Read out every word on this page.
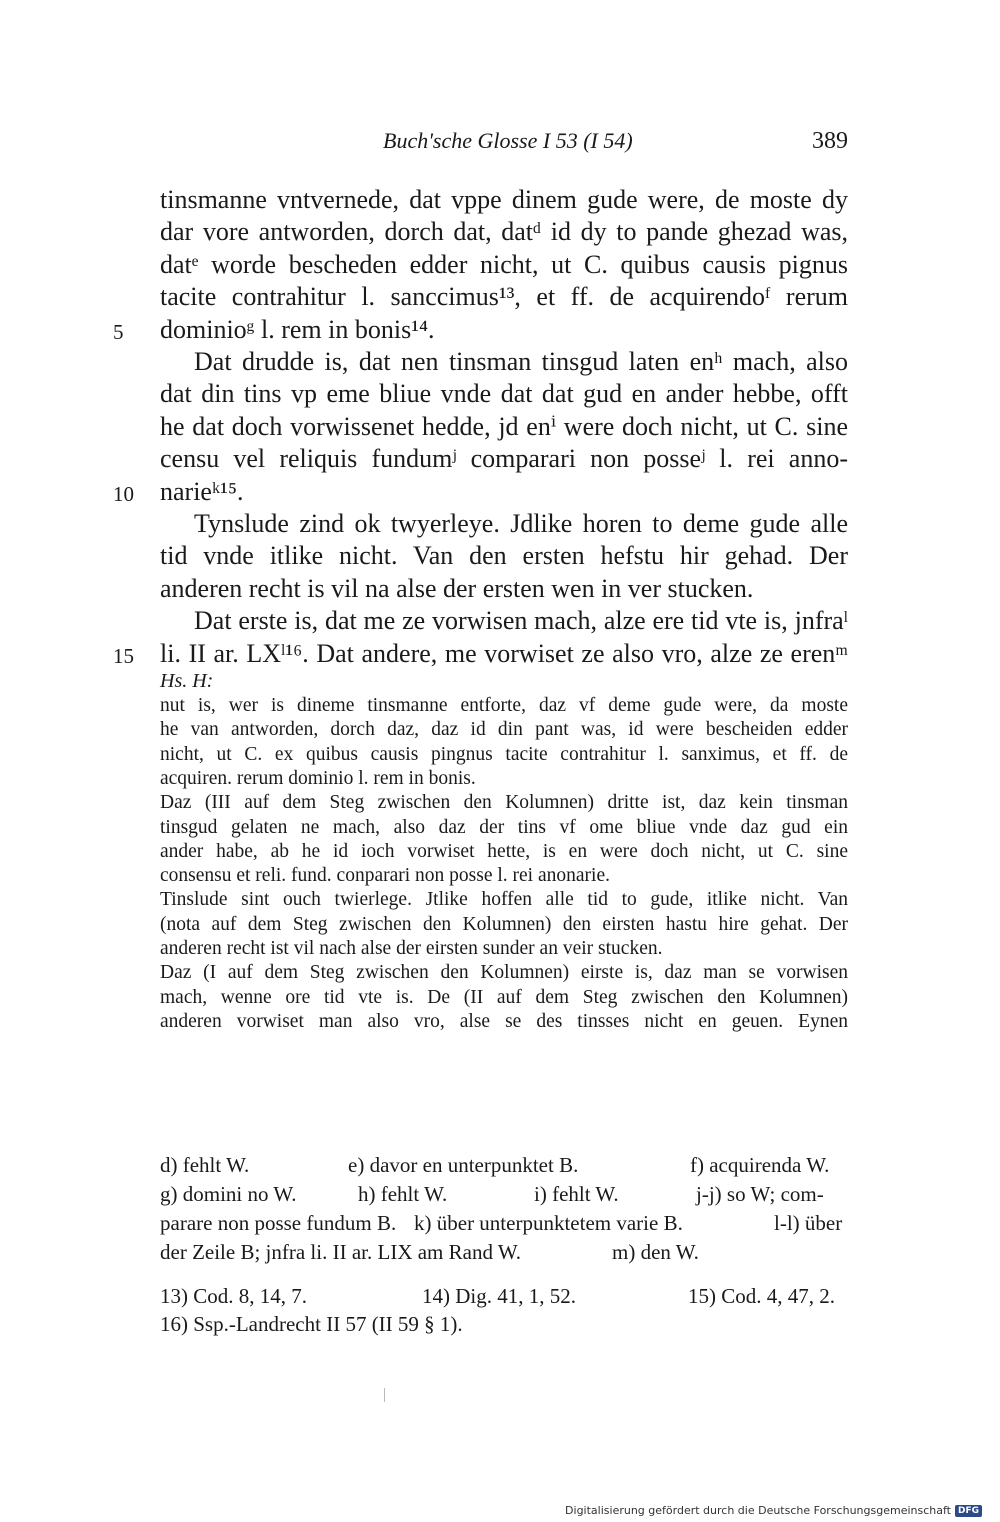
Buch'sche Glosse I 53 (I 54)	389
tinsmanne vntvernede, dat vppe dinem gude were, de moste dy
dar vore antworden, dorch dat, datᵈ id dy to pande ghezad was,
datᵉ worde bescheden edder nicht, ut C. quibus causis pignus
tacite contrahitur l. sanccimus¹³, et ff. de acquirendoᶠ rerum
dominioᵍ l. rem in bonis¹⁴.
5
Dat drudde is, dat nen tinsman tinsgud laten enʰ mach, also
dat din tins vp eme bliue vnde dat dat gud en ander hebbe, offt
he dat doch vorwissenet hedde, jd enⁱ were doch nicht, ut C. sine
censu vel reliquis fundumʲ comparari non posseʲ l. rei anno-
narieᵏ¹⁵.
10
Tynslude zind ok twyerleye. Jdlike horen to deme gude alle
tid vnde itlike nicht. Van den ersten hefstu hir gehad. Der
anderen recht is vil na alse der ersten wen in ver stucken.
Dat erste is, dat me ze vorwisen mach, alze ere tid vte is, jnfraˡ
li. II ar. LXˡ¹⁶. Dat andere, me vorwiset ze also vro, alze ze erenᵐ
15
Hs. H:
nut is, wer is dineme tinsmanne entforte, daz vf deme gude were, da moste
he van antworden, dorch daz, daz id din pant was, id were bescheiden edder
nicht, ut C. ex quibus causis pingnus tacite contrahitur l. sanximus, et ff. de
acquiren. rerum dominio l. rem in bonis.
Daz (III auf dem Steg zwischen den Kolumnen) dritte ist, daz kein tinsman
tinsgud gelaten ne mach, also daz der tins vf ome bliue vnde daz gud ein
ander habe, ab he id ioch vorwiset hette, is en were doch nicht, ut C. sine
consensu et reli. fund. conparari non posse l. rei anonarie.
Tinslude sint ouch twierlege. Jtlike hoffen alle tid to gude, itlike nicht. Van
(nota auf dem Steg zwischen den Kolumnen) den eirsten hastu hire gehat. Der
anderen recht ist vil nach alse der eirsten sunder an veir stucken.
Daz (I auf dem Steg zwischen den Kolumnen) eirste is, daz man se vorwisen
mach, wenne ore tid vte is. De (II auf dem Steg zwischen den Kolumnen)
anderen vorwiset man also vro, alse se des tinsses nicht en geuen. Eynen
d) fehlt W.	e) davor en unterpunktet B.	f) acquirenda W.
g) domini no W.	h) fehlt W.	i) fehlt W.	j-j) so W; com-
parare non posse fundum B. k) über unterpunktetem varie B.	l-l) über
der Zeile B; jnfra li. II ar. LIX am Rand W.	m) den W.
13) Cod. 8, 14, 7.	14) Dig. 41, 1, 52.	15) Cod. 4, 47, 2.
16) Ssp.-Landrecht II 57 (II 59 § 1).
Digitalisierung gefördert durch die Deutsche Forschungsgemeinschaft DFG
